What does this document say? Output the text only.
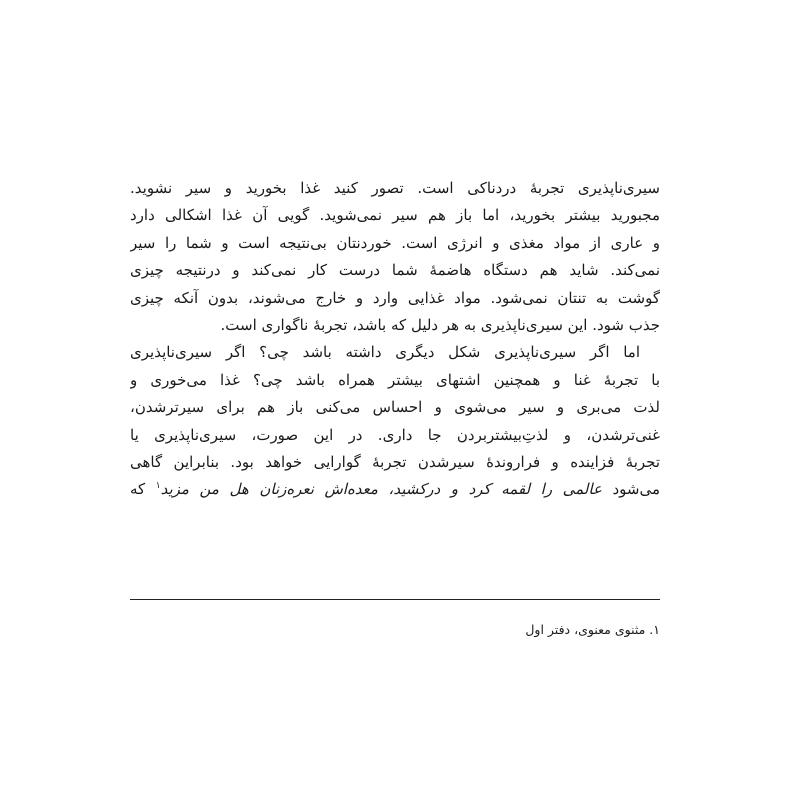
سیری‌ناپذیری تجربهٔ دردناکی است. تصور کنید غذا بخورید و سیر نشوید.
مجبورید بیشتر بخورید، اما باز هم سیر نمی‌شوید. گویی آن غذا اشکالی دارد
و عاری از مواد مغذی و انرژی است. خوردنتان بی‌نتیجه است و شما را سیر
نمی‌کند. شاید هم دستگاه هاضمهٔ شما درست کار نمی‌کند و درنتیجه چیزی
گوشت به تنتان نمی‌شود. مواد غذایی وارد و خارج می‌شوند، بدون آنکه چیزی
جذب شود. این سیری‌ناپذیری به هر دلیل که باشد، تجربهٔ ناگواری است.
اما اگر سیری‌ناپذیری شکل دیگری داشته باشد چی؟ اگر سیری‌ناپذیری
با تجربهٔ غنا و همچنین اشتهای بیشتر همراه باشد چی؟ غذا می‌خوری و
لذت می‌بری و سیر می‌شوی و احساس می‌کنی باز هم برای سیرترشدن،
غنی‌ترشدن، و لذتِ‌بیشتربردن جا داری. در این صورت، سیری‌ناپذیری یا
تجربهٔ فزاینده و فرارونده‌ٔ سیرشدن تجربهٔ گوارایی خواهد بود. بنابراین گاهی
می‌شود عالمی را لقمه کرد و درکشید، معده‌اش نعره‌زنان هل من مزید$^۱$ که
۱. مثنوی معنوی، دفتر اول
